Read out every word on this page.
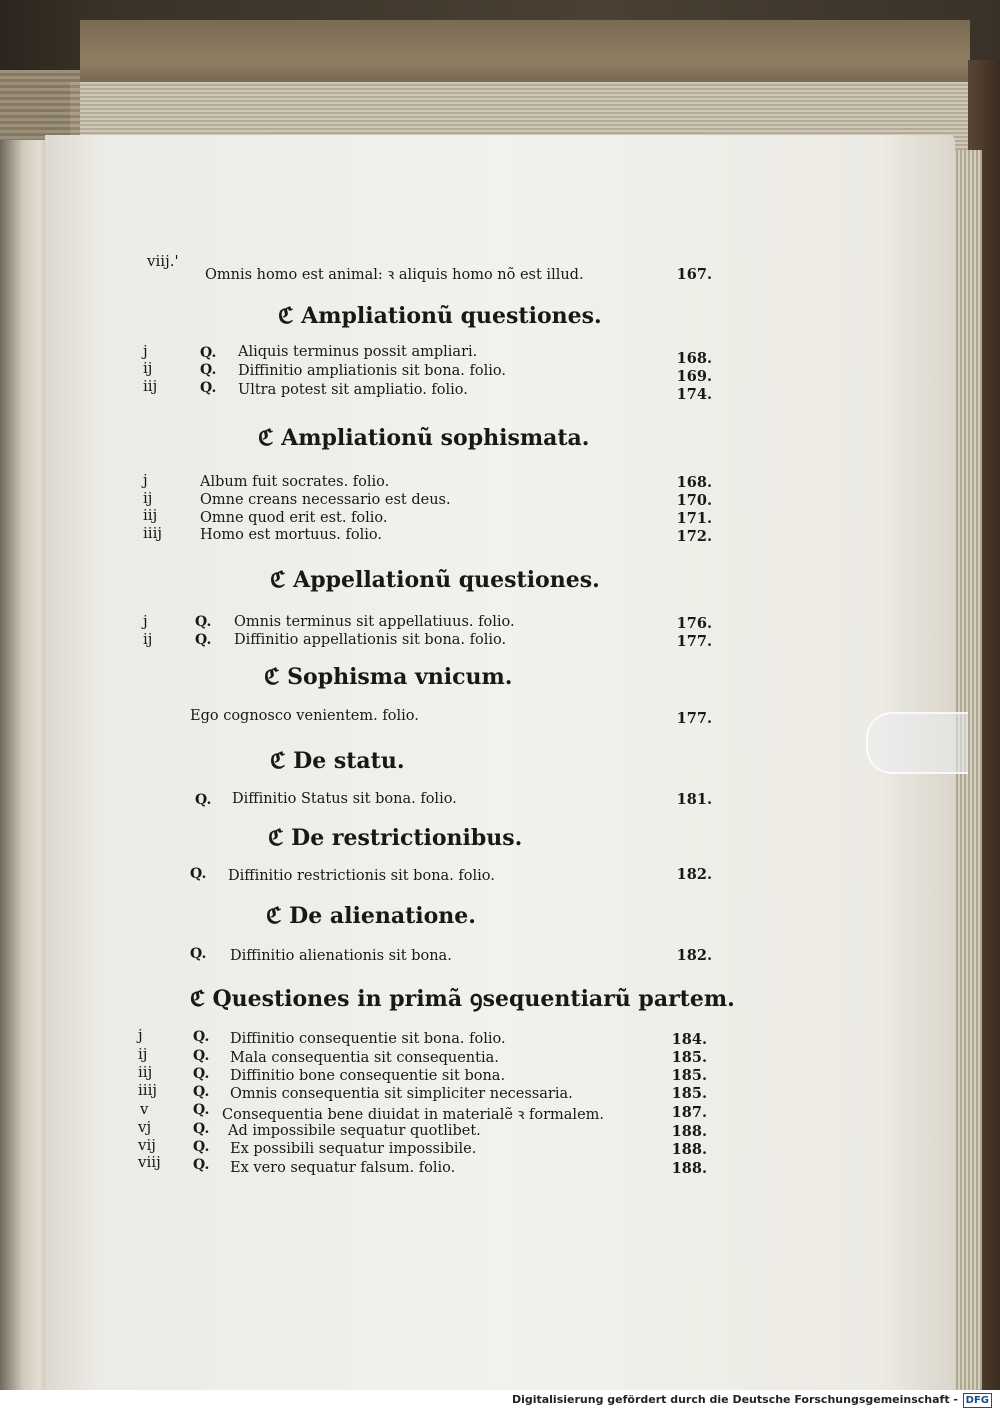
viij.'
Omnis homo est animal: ꝛ aliquis homo nõ est illud.	167.
ℭ Ampliationũ questiones.
j	Q. Aliquis terminus possit ampliari.	168.
ij	Q. Diffinitio ampliationis sit bona. folio.	169.
iij	Q. Ultra potest sit ampliatio. folio.	174.
ℭ Ampliationũ sophismata.
j	Album fuit socrates. folio.	168.
ij	Omne creans necessario est deus.	170.
iij	Omne quod erit est. folio.	171.
iiij	Homo est mortuus. folio.	172.
ℭ Appellationũ questiones.
j	Q. Omnis terminus sit appellatiuus. folio.	176.
ij	Q. Diffinitio appellationis sit bona. folio.	177.
ℭ Sophisma vnicum.
Ego cognosco venientem. folio.	177.
ℭ De statu.
Q. Diffinitio Status sit bona. folio.	181.
ℭ De restrictionibus.
Q. Diffinitio restrictionis sit bona. folio.	182.
ℭ De alienatione.
Q. Diffinitio alienationis sit bona.	182.
ℭ Questiones in primã ꝯsequentiarũ partem.
j	Q. Diffinitio consequentie sit bona. folio.	184.
ij	Q. Mala consequentia sit consequentia.	185.
iij	Q. Diffinitio bone consequentie sit bona.	185.
iiij	Q. Omnis consequentia sit simpliciter necessaria.	185.
v	Q. Consequentia bene diuidat in materialẽ ꝛ formalem.	187.
vj	Q. Ad impossibile sequatur quotlibet.	188.
vij	Q. Ex possibili sequatur impossibile.	188.
viij Q. Ex vero sequatur falsum. folio.	188.
Digitalisierung gefördert durch die Deutsche Forschungsgemeinschaft - DFG
